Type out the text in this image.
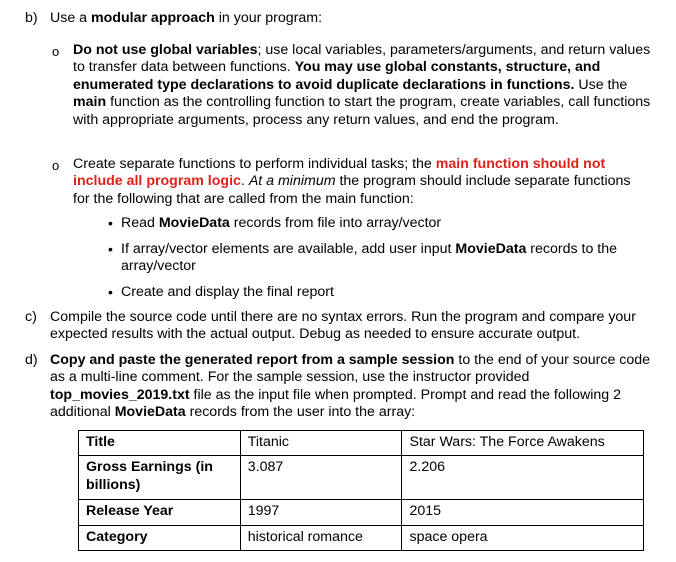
b) Use a modular approach in your program:

o Do not use global variables; use local variables, parameters/arguments, and return values to transfer data between functions. You may use global constants, structure, and enumerated type declarations to avoid duplicate declarations in functions. Use the main function as the controlling function to start the program, create variables, call functions with appropriate arguments, process any return values, and end the program.

o Create separate functions to perform individual tasks; the main function should not include all program logic. At a minimum the program should include separate functions for the following that are called from the main function:

• Read MovieData records from file into array/vector

• If array/vector elements are available, add user input MovieData records to the array/vector

• Create and display the final report

c) Compile the source code until there are no syntax errors. Run the program and compare your expected results with the actual output. Debug as needed to ensure accurate output.

d) Copy and paste the generated report from a sample session to the end of your source code as a multi-line comment. For the sample session, use the instructor provided top_movies_2019.txt file as the input file when prompted. Prompt and read the following 2 additional MovieData records from the user into the array:

Title	Titanic	Star Wars: The Force Awakens
Gross Earnings (in billions)	3.087	2.206
Release Year	1997	2015
Category	historical romance	space opera
